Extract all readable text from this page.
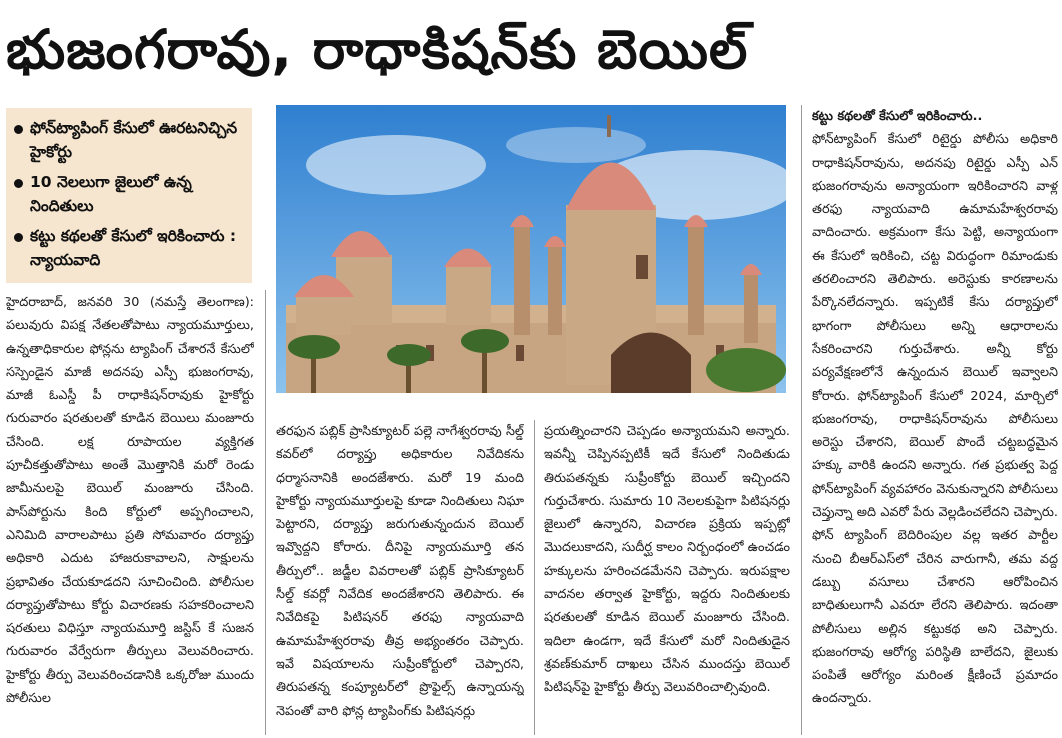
భుజంగరావు, రాధాకిషన్‌కు బెయిల్
ఫోన్‌ట్యాపింగ్ కేసులో ఊరటనిచ్చిన హైకోర్టు
10 నెలలుగా జైలులో ఉన్న నిందితులు
కట్టు కథలతో కేసులో ఇరికించారు : న్యాయవాది

హైదరాబాద్, జనవరి 30 (నమస్తే తెలంగాణ): పలువురు విపక్ష నేతలతోపాటు న్యాయమూర్తులు, ఉన్నతాధికారుల ఫోన్లను ట్యాపింగ్ చేశారనే కేసులో సస్పెండైన మాజీ అదనపు ఎస్పీ భుజంగరావు, మాజీ ఓఎస్డీ పీ రాధాకిషన్‌రావుకు హైకోర్టు గురువారం షరతులతో కూడిన బెయిలు మంజూరు చేసింది. లక్ష రూపాయల వ్యక్తిగత పూచీకత్తుతోపాటు అంతే మొత్తానికి మరో రెండు జామీనులపై బెయిల్ మంజూరు చేసింది. పాస్‌పోర్టును కింది కోర్టులో అప్పగించాలని, ఎనిమిది వారాలపాటు ప్రతి సోమవారం దర్యాప్తు అధికారి ఎదుట హాజరుకావాలని, సాక్షులను ప్రభావితం చేయకూడదని సూచించింది. పోలీసుల దర్యాప్తుతోపాటు కోర్టు విచారణకు సహకరించాలని షరతులు విధిస్తూ న్యాయమూర్తి జస్టిస్ కే సుజన గురువారం వేర్వేరుగా తీర్పులు వెలువరించారు. హైకోర్టు తీర్పు వెలువరించడానికి ఒక్కరోజు ముందు పోలీసుల

తరఫున పబ్లిక్ ప్రాసిక్యూటర్ పల్లె నాగేశ్వరరావు సీల్డ్ కవర్‌లో దర్యాప్తు అధికారుల నివేదికను ధర్మాసనానికి అందజేశారు. మరో 19 మంది హైకోర్టు న్యాయమూర్తులపై కూడా నిందితులు నిఘా పెట్టారని, దర్యాప్తు జరుగుతున్నందున బెయిల్ ఇవ్వొద్దని కోరారు. దీనిపై న్యాయమూర్తి తన తీర్పులో.. జడ్జీల వివరాలతో పబ్లిక్ ప్రాసిక్యూటర్ సీల్డ్ కవర్లో నివేదిక అందజేశారని తెలిపారు. ఈ నివేదికపై పిటిషనర్ తరఫు న్యాయవాది ఉమామహేశ్వరరావు తీవ్ర అభ్యంతరం చెప్పారు. ఇవే విషయాలను సుప్రీంకోర్టులో చెప్పారని, తిరుపతన్న కంప్యూటర్‌లో ప్రొఫైల్స్ ఉన్నాయన్న నెపంతో వారి ఫోన్ల ట్యాపింగ్‌కు పిటిషనర్లు

ప్రయత్నించారని చెప్పడం అన్యాయమని అన్నారు. ఇవన్నీ చెప్పినప్పటికీ ఇదే కేసులో నిందితుడు తిరుపతన్నకు సుప్రీంకోర్టు బెయిల్ ఇచ్చిందని గుర్తుచేశారు. సుమారు 10 నెలలకుపైగా పిటిషనర్లు జైలులో ఉన్నారని, విచారణ ప్రక్రియ ఇప్పట్లో మొదలుకాదని, సుదీర్ఘ కాలం నిర్బంధంలో ఉంచడం హక్కులను హరించడమేనని చెప్పారు. ఇరుపక్షాల వాదనల తర్వాత హైకోర్టు, ఇద్దరు నిందితులకు షరతులతో కూడిన బెయిల్ మంజూరు చేసింది. ఇదిలా ఉండగా, ఇదే కేసులో మరో నిందితుడైన శ్రవణ్‌కుమార్ దాఖలు చేసిన ముందస్తు బెయిల్ పిటిషన్‌పై హైకోర్టు తీర్పు వెలువరించాల్సివుంది.

కట్టు కథలతో కేసులో ఇరికించారు..

ఫోన్‌ట్యాపింగ్ కేసులో రిటైర్డు పోలీసు అధికారి రాధాకిషన్‌రావును, అదనపు రిటైర్డు ఎస్పీ ఎన్ భుజంగరావును అన్యాయంగా ఇరికించారని వాళ్ల తరఫు న్యాయవాది ఉమామహేశ్వరరావు వాదించారు. అక్రమంగా కేసు పెట్టి, అన్యాయంగా ఈ కేసులో ఇరికించి, చట్ట విరుద్ధంగా రిమాండుకు తరలించారని తెలిపారు. అరెస్టుకు కారణాలను పేర్కొనలేదన్నారు. ఇప్పటికే కేసు దర్యాప్తులో భాగంగా పోలీసులు అన్ని ఆధారాలను సేకరించారని గుర్తుచేశారు. అన్నీ కోర్టు పర్యవేక్షణలోనే ఉన్నందున బెయిల్ ఇవ్వాలని కోరారు. ఫోన్‌ట్యాపింగ్ కేసులో 2024, మార్చిలో భుజంగరావు, రాధాకిషన్‌రావును పోలీసులు అరెస్టు చేశారని, బెయిల్ పొందే చట్టబద్ధమైన హక్కు వారికి ఉందని అన్నారు. గత ప్రభుత్వ పెద్ద ఫోన్‌ట్యాపింగ్ వ్యవహారం వెనుకున్నారని పోలీసులు చెప్తున్నా అది ఎవరో పేరు వెల్లడించలేదని చెప్పారు. ఫోన్ ట్యాపింగ్ బెదిరింపుల వల్ల ఇతర పార్టీల నుంచి బీఆర్‌ఎస్‌లో చేరిన వారుగానీ, తమ వద్ద డబ్బు వసూలు చేశారని ఆరోపించిన బాధితులుగానీ ఎవరూ లేరని తెలిపారు. ఇదంతా పోలీసులు అల్లిన కట్టుకథ అని చెప్పారు. భుజంగరావు ఆరోగ్య పరిస్థితి బాలేదని, జైలుకు పంపితే ఆరోగ్యం మరింత క్షీణించే ప్రమాదం ఉందన్నారు.
